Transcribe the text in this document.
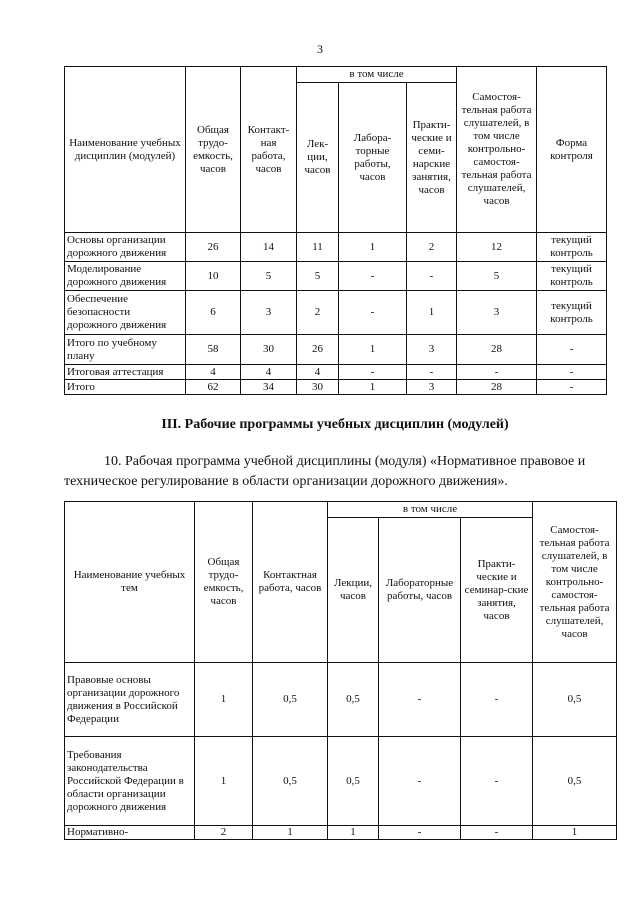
3
Наименование учебных дисциплин (модулей)	Общая трудо-емкость, часов	Контакт-ная работа, часов	в том числе			Самостоя-тельная работа слушателей, в том числе контрольно-самостоя-тельная работа слушателей, часов	Форма контроля
			Лек-ции, часов	Лабора-торные работы, часов	Практи-ческие и семи-нарские занятия, часов		
Основы организации дорожного движения	26	14	11	1	2	12	текущий контроль
Моделирование дорожного движения	10	5	5	-	-	5	текущий контроль
Обеспечение безопасности дорожного движения	6	3	2	-	1	3	текущий контроль
Итого по учебному плану	58	30	26	1	3	28	-
Итоговая аттестация	4	4	4	-	-	-	-
Итого	62	34	30	1	3	28	-
III. Рабочие программы учебных дисциплин (модулей)
10. Рабочая программа учебной дисциплины (модуля) «Нормативное правовое и техническое регулирование в области организации дорожного движения».
Наименование учебных тем	Общая трудо-емкость, часов	Контактная работа, часов	в том числе			Самостоя-тельная работа слушателей, в том числе контрольно-самостоя-тельная работа слушателей, часов
			Лекции, часов	Лабораторные работы, часов	Практи-ческие и семинар-ские занятия, часов	
Правовые основы организации дорожного движения в Российской Федерации	1	0,5	0,5	-	-	0,5
Требования законодательства Российской Федерации в области организации дорожного движения	1	0,5	0,5	-	-	0,5
Нормативно-	2	1	1	-	-	1
